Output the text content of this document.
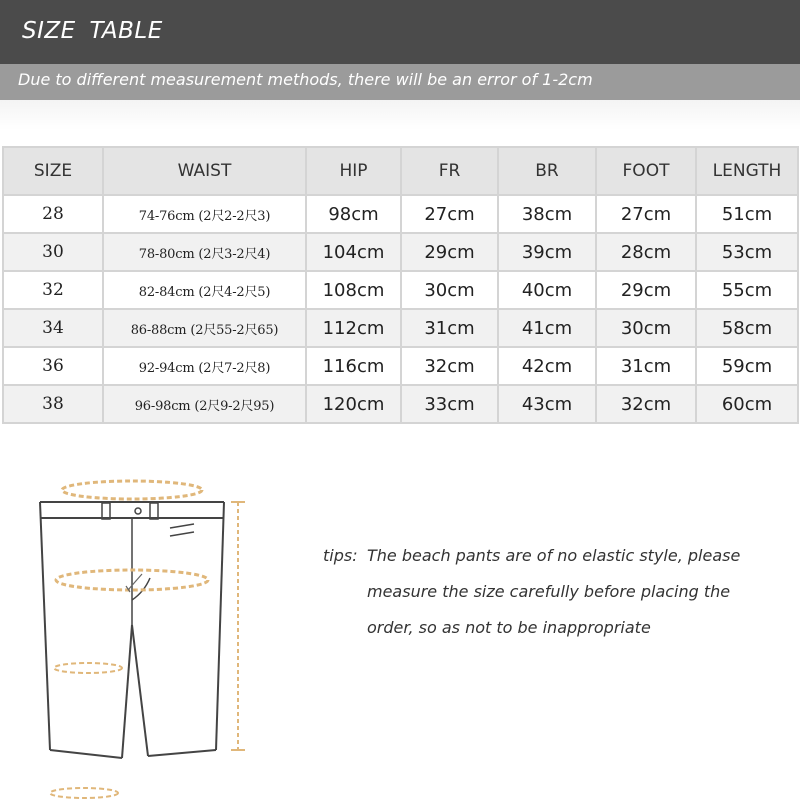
SIZE TABLE
Due to different measurement methods, there will be an error of 1-2cm
SIZE	WAIST	HIP	FR	BR	FOOT	LENGTH
28	74-76cm (2尺2-2尺3)	98cm	27cm	38cm	27cm	51cm
30	78-80cm (2尺3-2尺4)	104cm	29cm	39cm	28cm	53cm
32	82-84cm (2尺4-2尺5)	108cm	30cm	40cm	29cm	55cm
34	86-88cm (2尺55-2尺65)	112cm	31cm	41cm	30cm	58cm
36	92-94cm (2尺7-2尺8)	116cm	32cm	42cm	31cm	59cm
38	96-98cm (2尺9-2尺95)	120cm	33cm	43cm	32cm	60cm
tips: The beach pants are of no elastic style, please
measure the size carefully before placing the
order, so as not to be inappropriate
